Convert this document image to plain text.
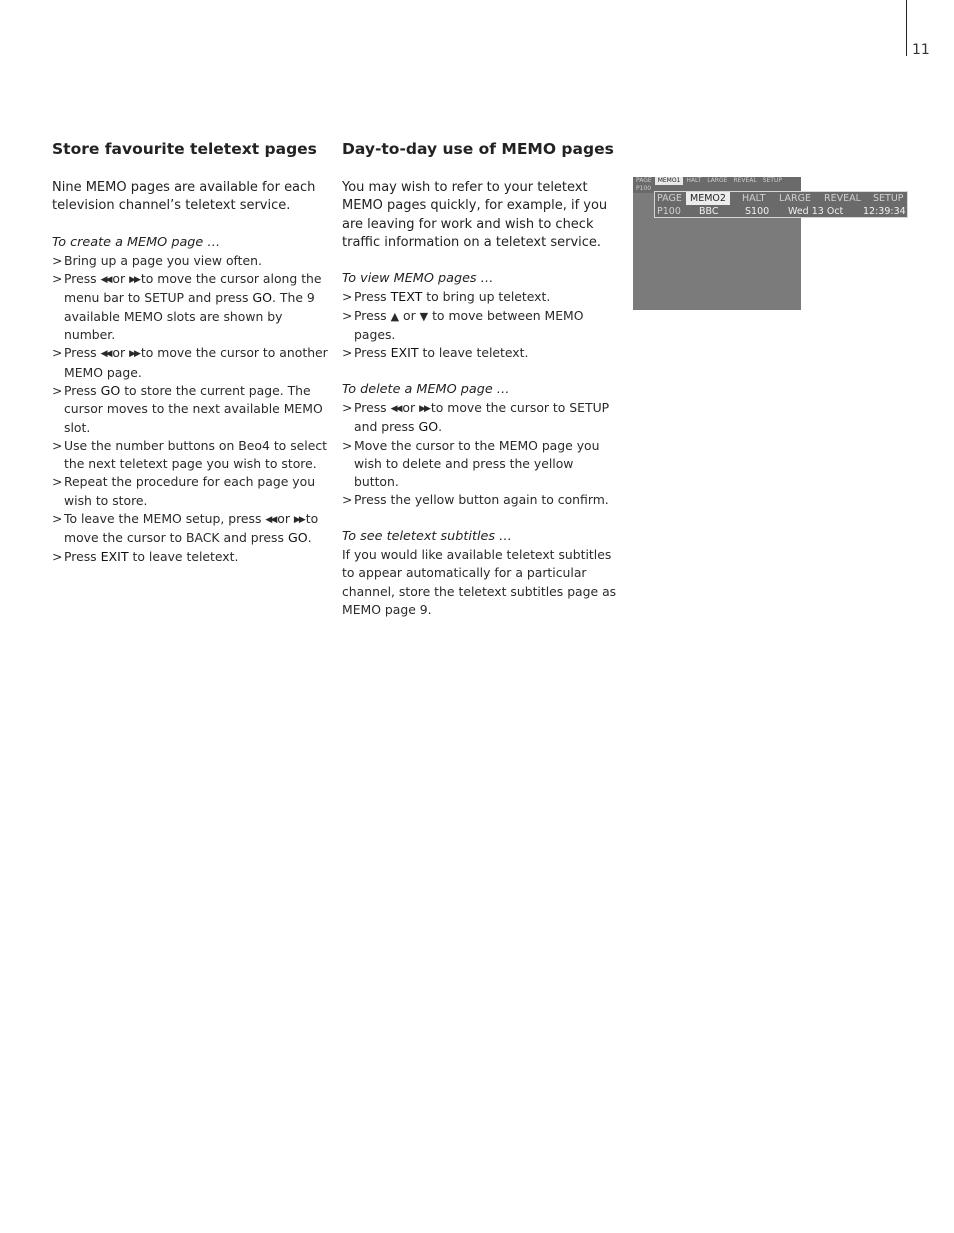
11
Store favourite teletext pages

Nine MEMO pages are available for each television channel’s teletext service.

To create a MEMO page …

> Bring up a page you view often.
> Press ◀◀ or ▶▶ to move the cursor along the menu bar to SETUP and press GO. The 9 available MEMO slots are shown by number.
> Press ◀◀ or ▶▶ to move the cursor to another MEMO page.
> Press GO to store the current page. The cursor moves to the next available MEMO slot.
> Use the number buttons on Beo4 to select the next teletext page you wish to store.
> Repeat the procedure for each page you wish to store.
> To leave the MEMO setup, press ◀◀ or ▶▶ to move the cursor to BACK and press GO.
> Press EXIT to leave teletext.
Day-to-day use of MEMO pages

You may wish to refer to your teletext MEMO pages quickly, for example, if you are leaving for work and wish to check traffic information on a teletext service.

To view MEMO pages …

> Press TEXT to bring up teletext.
> Press ▲ or ▼ to move between MEMO pages.
> Press EXIT to leave teletext.

To delete a MEMO page …

> Press ◀◀ or ▶▶ to move the cursor to SETUP and press GO.
> Move the cursor to the MEMO page you wish to delete and press the yellow button.
> Press the yellow button again to confirm.

To see teletext subtitles …

If you would like available teletext subtitles to appear automatically for a particular channel, store the teletext subtitles page as MEMO page 9.

PAGE	MEMO1	HALT	LARGE	REVEAL	SETUP
P100
PAGE MEMO2	HALT LARGE REVEAL SETUP
P100 BBC	S100 Wed 13 Oct 12:39:34
